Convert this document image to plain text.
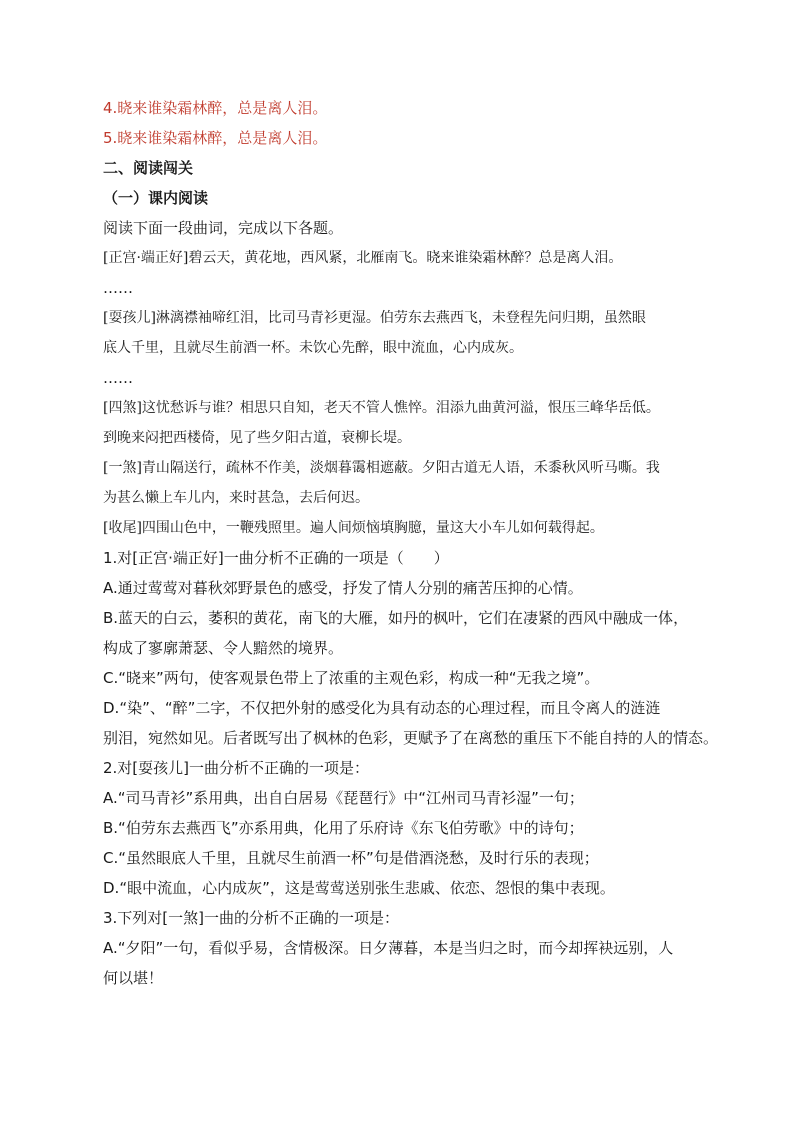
4.晓来谁染霜林醉，总是离人泪。
5.晓来谁染霜林醉，总是离人泪。
二、阅读闯关
（一）课内阅读
阅读下面一段曲词，完成以下各题。
[正宫·端正好]碧云天，黄花地，西风紧，北雁南飞。晓来谁染霜林醉？总是离人泪。
……
[耍孩儿]淋漓襟袖啼红泪，比司马青衫更湿。伯劳东去燕西飞，未登程先问归期，虽然眼
底人千里，且就尽生前酒一杯。未饮心先醉，眼中流血，心内成灰。
……
[四煞]这忧愁诉与谁？相思只自知，老天不管人憔悴。泪添九曲黄河溢，恨压三峰华岳低。
到晚来闷把西楼倚，见了些夕阳古道，衰柳长堤。
[一煞]青山隔送行，疏林不作美，淡烟暮霭相遮蔽。夕阳古道无人语，禾黍秋风听马嘶。我
为甚么懒上车儿内，来时甚急，去后何迟。
[收尾]四围山色中，一鞭残照里。遍人间烦恼填胸臆，量这大小车儿如何载得起。
1.对[正宫·端正好]一曲分析不正确的一项是（　　）
A.通过莺莺对暮秋郊野景色的感受，抒发了情人分别的痛苦压抑的心情。
B.蓝天的白云，萎积的黄花，南飞的大雁，如丹的枫叶，它们在凄紧的西风中融成一体，
构成了寥廓萧瑟、令人黯然的境界。
C.“晓来”两句，使客观景色带上了浓重的主观色彩，构成一种“无我之境”。
D.“染”、“醉”二字，不仅把外射的感受化为具有动态的心理过程，而且令离人的涟涟
别泪，宛然如见。后者既写出了枫林的色彩，更赋予了在离愁的重压下不能自持的人的情态。
2.对[耍孩儿]一曲分析不正确的一项是：
A.“司马青衫”系用典，出自白居易《琵琶行》中“江州司马青衫湿”一句；
B.“伯劳东去燕西飞”亦系用典，化用了乐府诗《东飞伯劳歌》中的诗句；
C.“虽然眼底人千里，且就尽生前酒一杯”句是借酒浇愁，及时行乐的表现；
D.“眼中流血，心内成灰”，这是莺莺送别张生悲戚、依恋、怨恨的集中表现。
3.下列对[一煞]一曲的分析不正确的一项是：
A.“夕阳”一句，看似乎易，含情极深。日夕薄暮，本是当归之时，而今却挥袂远别，人
何以堪！
